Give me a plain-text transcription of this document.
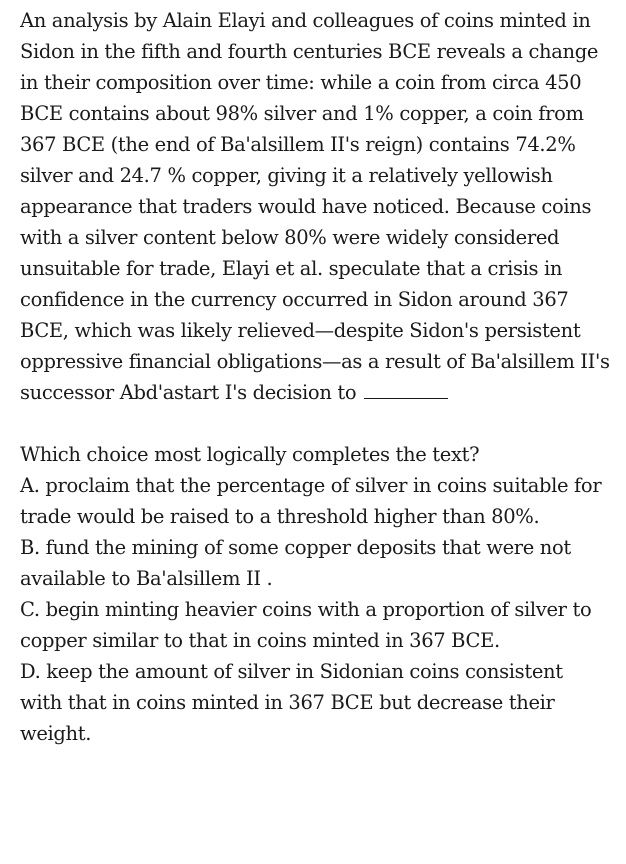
An analysis by Alain Elayi and colleagues of coins minted in Sidon in the fifth and fourth centuries BCE reveals a change in their composition over time: while a coin from circa 450 BCE contains about 98% silver and 1% copper, a coin from 367 BCE (the end of Ba'alsillem II's reign) contains 74.2% silver and 24.7 % copper, giving it a relatively yellowish appearance that traders would have noticed. Because coins with a silver content below 80% were widely considered unsuitable for trade, Elayi et al. speculate that a crisis in confidence in the currency occurred in Sidon around 367 BCE, which was likely relieved—despite Sidon's persistent oppressive financial obligations—as a result of Ba'alsillem II's successor Abd'astart I's decision to

Which choice most logically completes the text?

A. proclaim that the percentage of silver in coins suitable for trade would be raised to a threshold higher than 80%.

B. fund the mining of some copper deposits that were not available to Ba'alsillem II .

C. begin minting heavier coins with a proportion of silver to copper similar to that in coins minted in 367 BCE.

D. keep the amount of silver in Sidonian coins consistent with that in coins minted in 367 BCE but decrease their weight.
